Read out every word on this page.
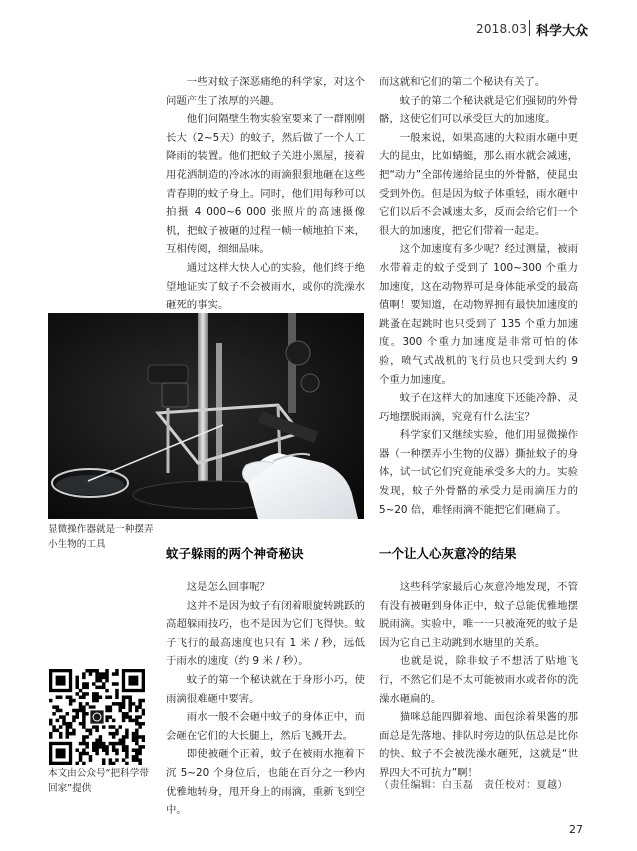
2018.03 科学大众

一些对蚊子深恶痛绝的科学家，对这个问题产生了浓厚的兴趣。

他们问隔壁生物实验室要来了一群刚刚长大（2~5天）的蚊子，然后做了一个人工降雨的装置。他们把蚊子关进小黑屋，接着用花洒制造的冷冰冰的雨滴狠狠地砸在这些青春期的蚊子身上。同时，他们用每秒可以拍摄 4 000~6 000 张照片的高速摄像机，把蚊子被砸的过程一帧一帧地拍下来，互相传阅，细细品味。

通过这样大快人心的实验，他们终于绝望地证实了蚊子不会被雨水，或你的洗澡水砸死的事实。

显微操作器就是一种摆弄小生物的工具

而这就和它们的第二个秘诀有关了。

蚊子的第二个秘诀就是它们强韧的外骨骼，这使它们可以承受巨大的加速度。

一般来说，如果高速的大粒雨水砸中更大的昆虫，比如蜻蜓，那么雨水就会减速，把“动力”全部传递给昆虫的外骨骼，使昆虫受到外伤。但是因为蚊子体重轻，雨水砸中它们以后不会减速太多，反而会给它们一个很大的加速度，把它们带着一起走。

这个加速度有多少呢？经过测量，被雨水带着走的蚊子受到了 100~300 个重力加速度，这在动物界可是身体能承受的最高值啊！要知道，在动物界拥有最快加速度的跳蚤在起跳时也只受到了 135 个重力加速度。300 个重力加速度是非常可怕的体验，喷气式战机的飞行员也只受到大约 9 个重力加速度。

蚊子在这样大的加速度下还能冷静、灵巧地摆脱雨滴，究竟有什么法宝？

科学家们又继续实验，他们用显微操作器（一种摆弄小生物的仪器）撕扯蚊子的身体，试一试它们究竟能承受多大的力。实验发现，蚊子外骨骼的承受力是雨滴压力的 5~20 倍，难怪雨滴不能把它们砸扁了。

蚊子躲雨的两个神奇秘诀	一个让人心灰意冷的结果

这是怎么回事呢？

这并不是因为蚊子有闭着眼旋转跳跃的高超躲雨技巧，也不是因为它们飞得快。蚊子飞行的最高速度也只有 1 米 / 秒，远低于雨水的速度（约 9 米 / 秒）。

蚊子的第一个秘诀就在于身形小巧，使雨滴很难砸中要害。

雨水一般不会砸中蚊子的身体正中，而会砸在它们的大长腿上，然后飞溅开去。

即使被砸个正着，蚊子在被雨水拖着下沉 5~20 个身位后，也能在百分之一秒内优雅地转身，甩开身上的雨滴，重新飞到空中。

这些科学家最后心灰意冷地发现，不管有没有被砸到身体正中，蚊子总能优雅地摆脱雨滴。实验中，唯一一只被淹死的蚊子是因为它自己主动跳到水塘里的关系。

也就是说，除非蚊子不想活了贴地飞行，不然它们是不太可能被雨水或者你的洗澡水砸扁的。

猫咪总能四脚着地、面包涂着果酱的那面总是先落地、排队时旁边的队伍总是比你的快、蚊子不会被洗澡水砸死，这就是“世界四大不可抗力”啊！

（责任编辑：白玉磊　责任校对：夏越）
本文由公众号“把科学带回家”提供
27
